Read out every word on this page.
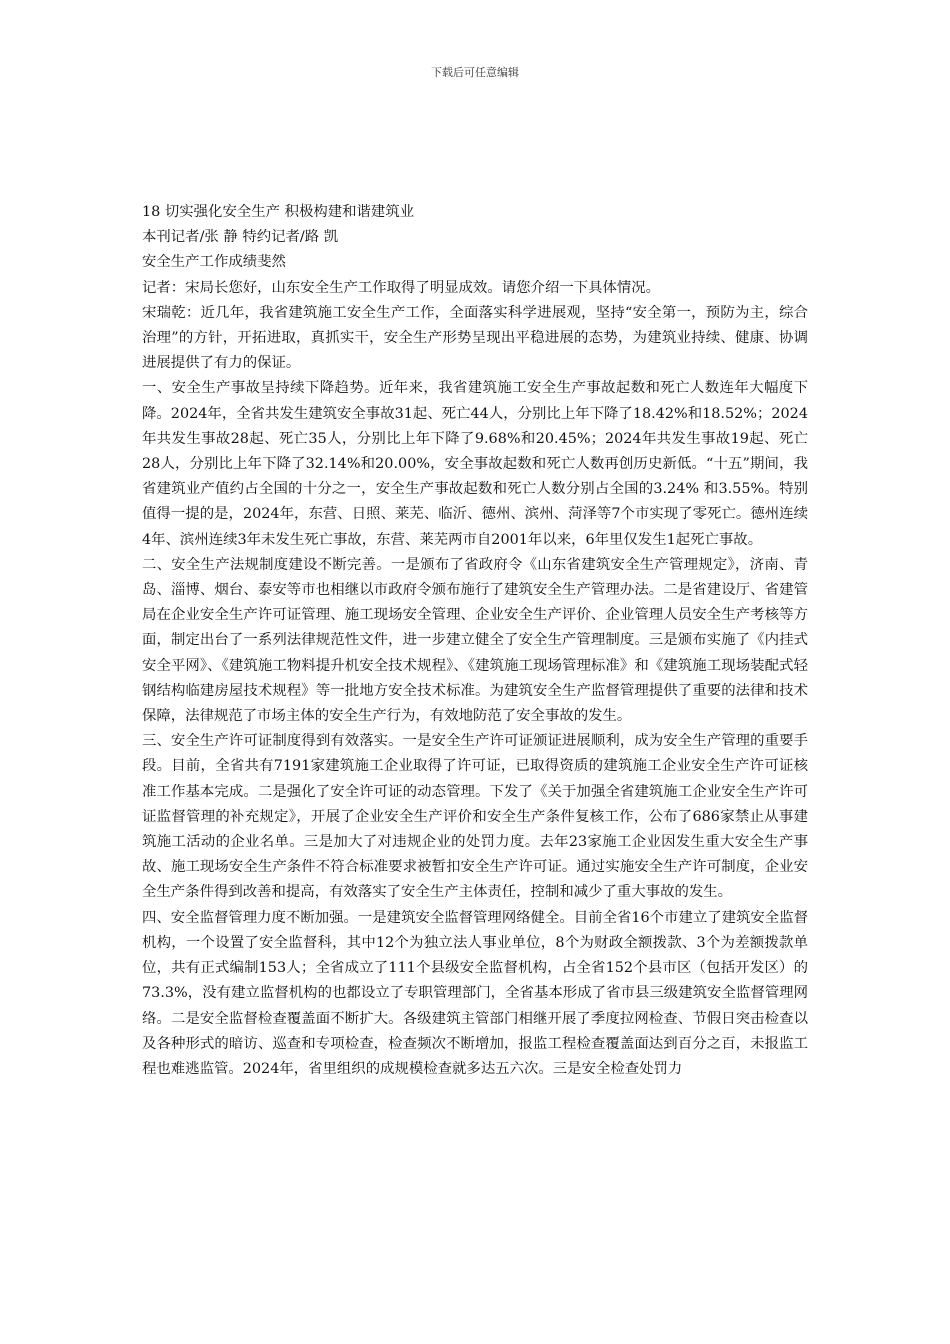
下载后可任意编辑

18 切实强化安全生产 积极构建和谐建筑业

本刊记者/张 静 特约记者/路 凯

安全生产工作成绩斐然

记者：宋局长您好，山东安全生产工作取得了明显成效。请您介绍一下具体情况。

宋瑞乾：近几年，我省建筑施工安全生产工作，全面落实科学进展观，坚持“安全第一，预防为主，综合治理”的方针，开拓进取，真抓实干，安全生产形势呈现出平稳进展的态势，为建筑业持续、健康、协调进展提供了有力的保证。

一、安全生产事故呈持续下降趋势。近年来，我省建筑施工安全生产事故起数和死亡人数连年大幅度下降。2024年，全省共发生建筑安全事故31起、死亡44人，分别比上年下降了18.42%和18.52%；2024年共发生事故28起、死亡35人，分别比上年下降了9.68%和20.45%；2024年共发生事故19起、死亡28人，分别比上年下降了32.14%和20.00%，安全事故起数和死亡人数再创历史新低。“十五”期间，我省建筑业产值约占全国的十分之一，安全生产事故起数和死亡人数分别占全国的3.24% 和3.55%。特别值得一提的是，2024年，东营、日照、莱芜、临沂、德州、滨州、菏泽等7个市实现了零死亡。德州连续4年、滨州连续3年未发生死亡事故，东营、莱芜两市自2001年以来，6年里仅发生1起死亡事故。

二、安全生产法规制度建设不断完善。一是颁布了省政府令《山东省建筑安全生产管理规定》，济南、青岛、淄博、烟台、泰安等市也相继以市政府令颁布施行了建筑安全生产管理办法。二是省建设厅、省建管局在企业安全生产许可证管理、施工现场安全管理、企业安全生产评价、企业管理人员安全生产考核等方面，制定出台了一系列法律规范性文件，进一步建立健全了安全生产管理制度。三是颁布实施了《内挂式安全平网》、《建筑施工物料提升机安全技术规程》、《建筑施工现场管理标准》和《建筑施工现场装配式轻钢结构临建房屋技术规程》等一批地方安全技术标准。为建筑安全生产监督管理提供了重要的法律和技术保障，法律规范了市场主体的安全生产行为，有效地防范了安全事故的发生。

三、安全生产许可证制度得到有效落实。一是安全生产许可证颁证进展顺利，成为安全生产管理的重要手段。目前，全省共有7191家建筑施工企业取得了许可证，已取得资质的建筑施工企业安全生产许可证核准工作基本完成。二是强化了安全许可证的动态管理。下发了《关于加强全省建筑施工企业安全生产许可证监督管理的补充规定》，开展了企业安全生产评价和安全生产条件复核工作，公布了686家禁止从事建筑施工活动的企业名单。三是加大了对违规企业的处罚力度。去年23家施工企业因发生重大安全生产事故、施工现场安全生产条件不符合标准要求被暂扣安全生产许可证。通过实施安全生产许可制度，企业安全生产条件得到改善和提高，有效落实了安全生产主体责任，控制和减少了重大事故的发生。

四、安全监督管理力度不断加强。一是建筑安全监督管理网络健全。目前全省16个市建立了建筑安全监督机构，一个设置了安全监督科，其中12个为独立法人事业单位，8个为财政全额拨款、3个为差额拨款单位，共有正式编制153人；全省成立了111个县级安全监督机构，占全省152个县市区（包括开发区）的73.3%，没有建立监督机构的也都设立了专职管理部门，全省基本形成了省市县三级建筑安全监督管理网络。二是安全监督检查覆盖面不断扩大。各级建筑主管部门相继开展了季度拉网检查、节假日突击检查以及各种形式的暗访、巡查和专项检查，检查频次不断增加，报监工程检查覆盖面达到百分之百，未报监工程也难逃监管。2024年，省里组织的成规模检查就多达五六次。三是安全检查处罚力
